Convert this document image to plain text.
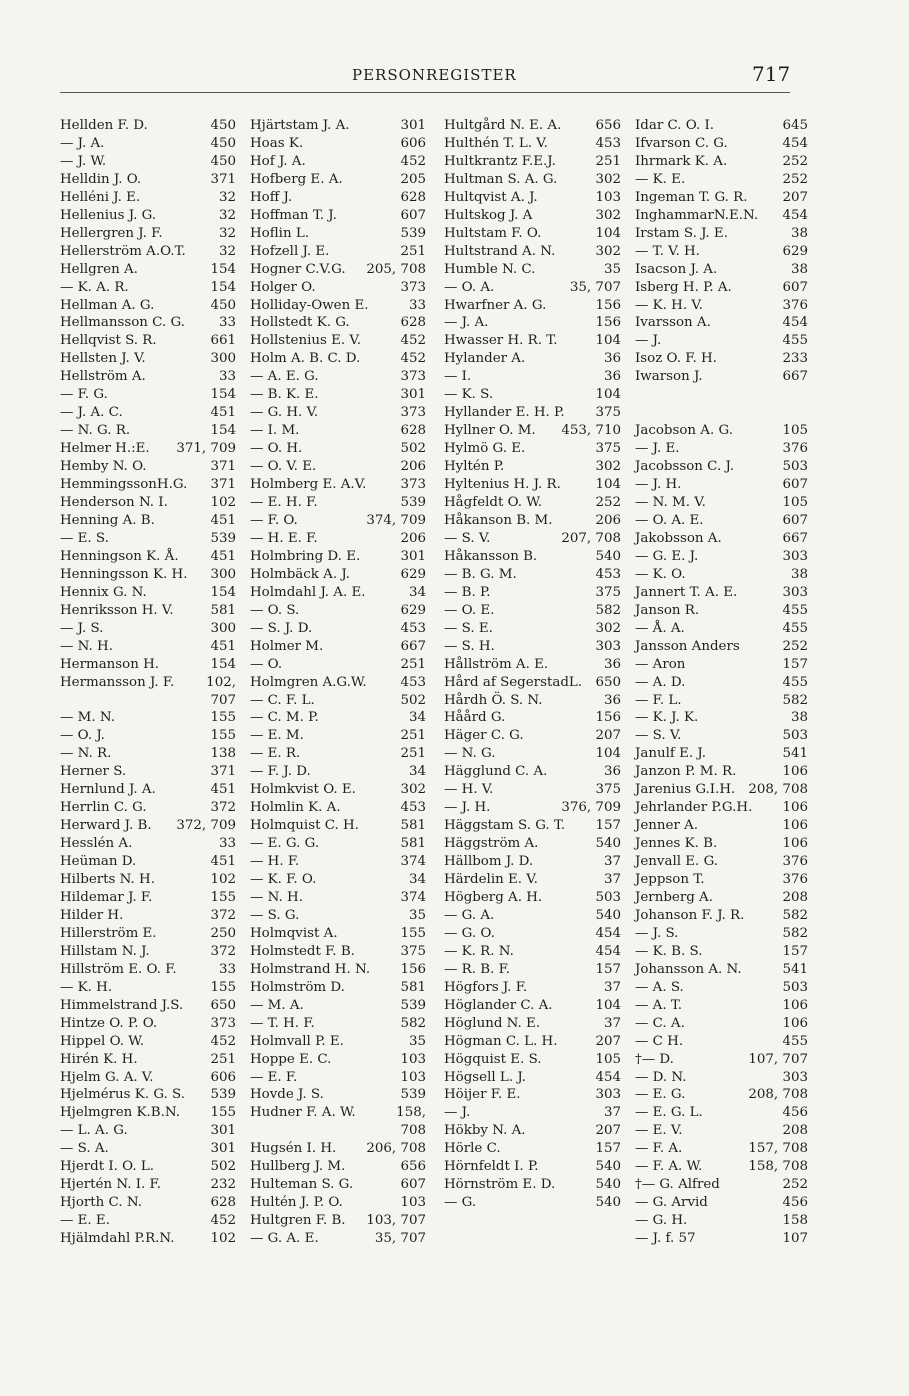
PERSONREGISTER	717
Hellden F. D.	450
— J. A.	450
— J. W.	450
Helldin J. O.	371
Helléni J. E.	32
Hellenius J. G.	32
Hellergren J. F.	32
Hellerström A.O.T. 32
Hellgren A.	154
— K. A. R.	154
Hellman A. G.	450
Hellmansson C. G.	33
Hellqvist S. R.	661
Hellsten J. V.	300
Hellström A.	33
— F. G.	154
— J. A. C.	451
— N. G. R.	154
Helmer H.:E. 371, 709
Hemby N. O.	371
HemmingssonH.G. 371
Henderson N. I.	102
Henning A. B.	451
— E. S.	539
Henningson K. Å. 451
Henningsson K. H. 300
Hennix G. N.	154
Henriksson H. V.	581
— J. S.	300
— N. H.	451
Hermanson H.	154
Hermansson J. F. 102,
707
— M. N.	155
— O. J.	155
— N. R.	138
Herner S.	371
Hernlund J. A.	451
Herrlin C. G.	372
Herward J. B. 372, 709
Hesslén A.	33
Heüman D.	451
Hilberts N. H.	102
Hildemar J. F.	155
Hilder H.	372
Hillerström E.	250
Hillstam N. J.	372
Hillström E. O. F.	33
— K. H.	155
Himmelstrand J.S. 650
Hintze O. P. O.	373
Hippel O. W.	452
Hirén K. H.	251
Hjelm G. A. V.	606
Hjelmérus K. G. S. 539
Hjelmgren K.B.N. 155
— L. A. G.	301
— S. A.	301
Hjerdt I. O. L.	502
Hjertén N. I. F.	232
Hjorth C. N.	628
— E. E.	452
Hjälmdahl P.R.N.	102
Hjärtstam J. A.	301
Hoas K.	606
Hof J. A.	452
Hofberg E. A.	205
Hoff J.	628
Hoffman T. J.	607
Hoflin L.	539
Hofzell J. E.	251
Hogner C.V.G. 205, 708
Holger O.	373
Holliday-Owen E.	33
Hollstedt K. G.	628
Hollstenius E. V.	452
Holm A. B. C. D.	452
— A. E. G.	373
— B. K. E.	301
— G. H. V.	373
— I. M.	628
— O. H.	502
— O. V. E.	206
Holmberg E. A.V.	373
— E. H. F.	539
— F. O.	374, 709
— H. E. F.	206
Holmbring D. E.	301
Holmbäck A. J.	629
Holmdahl J. A. E.	34
— O. S.	629
— S. J. D.	453
Holmer M.	667
— O.	251
Holmgren A.G.W.	453
— C. F. L.	502
— C. M. P.	34
— E. M.	251
— E. R.	251
— F. J. D.	34
Holmkvist O. E.	302
Holmlin K. A.	453
Holmquist C. H.	581
— E. G. G.	581
— H. F.	374
— K. F. O.	34
— N. H.	374
— S. G.	35
Holmqvist A.	155
Holmstedt F. B.	375
Holmstrand H. N. 156
Holmström D.	581
— M. A.	539
— T. H. F.	582
Holmvall P. E.	35
Hoppe E. C.	103
— E. F.	103
Hovde J. S.	539
Hudner F. A. W.	158,
708
Hugsén I. H. 206, 708
Hullberg J. M.	656
Hulteman S. G.	607
Hultén J. P. O.	103
Hultgren F. B. 103, 707
— G. A. E.	35, 707
Hultgård N. E. A.	656
Hulthén T. L. V.	453
Hultkrantz F.E.J.	251
Hultman S. A. G.	302
Hultqvist A. J.	103
Hultskog J. A	302
Hultstam F. O.	104
Hultstrand A. N.	302
Humble N. C.	35
— O. A.	35, 707
Hwarfner A. G.	156
— J. A.	156
Hwasser H. R. T.	104
Hylander A.	36
— I.	36
— K. S.	104
Hyllander E. H. P. 375
Hyllner O. M. 453, 710
Hylmö G. E.	375
Hyltén P.	302
Hyltenius H. J. R.	104
Hågfeldt O. W.	252
Håkanson B. M.	206
— S. V.	207, 708
Håkansson B.	540
— B. G. M.	453
— B. P.	375
— O. E.	582
— S. E.	302
— S. H.	303
Hållström A. E.	36
Hård af SegerstadL. 650
Hårdh Ö. S. N.	36
Håård G.	156
Häger C. G.	207
— N. G.	104
Hägglund C. A.	36
— H. V.	375
— J. H.	376, 709
Häggstam S. G. T. 157
Häggström A.	540
Hällbom J. D.	37
Härdelin E. V.	37
Högberg A. H.	503
— G. A.	540
— G. O.	454
— K. R. N.	454
— R. B. F.	157
Högfors J. F.	37
Höglander C. A.	104
Höglund N. E.	37
Högman C. L. H.	207
Högquist E. S.	105
Högsell L. J.	454
Höijer F. E.	303
— J.	37
Hökby N. A.	207
Hörle C.	157
Hörnfeldt I. P.	540
Hörnström E. D.	540
— G.	540
Idar C. O. I.	645
Ifvarson C. G.	454
Ihrmark K. A.	252
— K. E.	252
Ingeman T. G. R.	207
InghammarN.E.N. 454
Irstam S. J. E.	38
— T. V. H.	629
Isacson J. A.	38
Isberg H. P. A.	607
— K. H. V.	376
Ivarsson A.	454
— J.	455
Isoz O. F. H.	233
Iwarson J.	667
Jacobson A. G.	105
— J. E.	376
Jacobsson C. J.	503
— J. H.	607
— N. M. V.	105
— O. A. E.	607
Jakobsson A.	667
— G. E. J.	303
— K. O.	38
Jannert T. A. E.	303
Janson R.	455
— Å. A.	455
Jansson Anders	252
— Aron	157
— A. D.	455
— F. L.	582
— K. J. K.	38
— S. V.	503
Janulf E. J.	541
Janzon P. M. R.	106
Jarenius G.I.H. 208, 708
Jehrlander P.G.H. 106
Jenner A.	106
Jennes K. B.	106
Jenvall E. G.	376
Jeppson T.	376
Jernberg A.	208
Johanson F. J. R.	582
— J. S.	582
— K. B. S.	157
Johansson A. N.	541
— A. S.	503
— A. T.	106
— C. A.	106
— C H.	455
†— D.	107, 707
— D. N.	303
— E. G.	208, 708
— E. G. L.	456
— E. V.	208
— F. A.	157, 708
— F. A. W.	158, 708
†— G. Alfred	252
— G. Arvid	456
— G. H.	158
— J. f. 57	107
